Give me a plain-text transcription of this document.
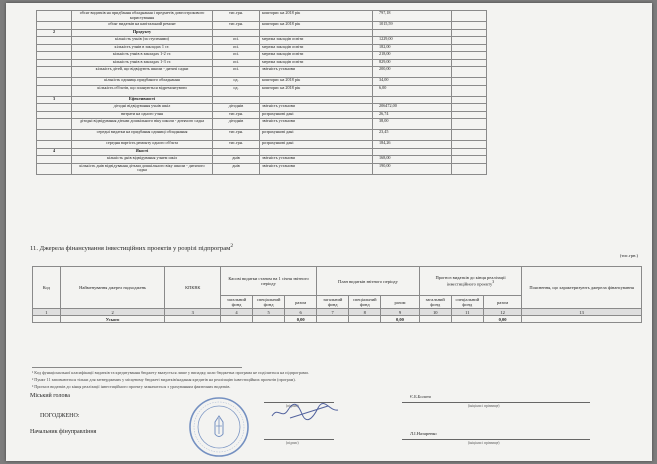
	обсяг видатків на придбання обладнання і предметів довгострокового користування	тис.грн.	кошторис на 2018 рік	797,18	
	обсяг видатків на капітальний ремонт	тис.грн.	кошторис на 2018 рік	1015,59	
2	Продукту				
	кількість учнів (за ступенями)	осі.	мережа закладів освіти	1229,00	
	кількість учнів в закладах 1 ст.	осі.	мережа закладів освіти	182,00	
	кількість учнів в закладах 1-2 ст.	осі.	мережа закладів освіти	218,00	
	кількість учнів в закладах 1-3 ст.	осі.	мережа закладів освіти	829,00	
	кількість дітей, що відвідують школи - дитячі садки	осі.	звітність установи	200,00	
	кількість одиниць придбаного обладнання	од.	кошторис на 2018 рік	34,00	
	кількість об'єктів, що плануються відремонтувати	од.	кошторис на 2018 рік	6,00	
3	Ефективності				
	дітодні відвідування учнів шкіл	дітоднів	звітність установи	206472,00	
	витрати на одного учня	тис.грн.	розрахункові дані	26,74	
	дітодні відвідування дітьми дошкільного віку школи - дитячого садка	дітоднів	звітність установи	38,00	
	середні видатки на придбання одиниці обладнання	тис.грн.	розрахункові дані	23,45	
	середня вартість ремонту одного об'єкта	тис.грн.	розрахункові дані	184,26	
4	Якості				
	кількість днів відвідування учнем шкіл	днів	звітність установи	168,00	
	кількість днів відвідування дітьми дошкільного віку школи - дитячого садка	днів	звітність установи	190,00	
11. Джерела фінансування інвестиційних проектів у розрізі підпрограм$^2$
(тис.грн.)
Код	Найменування джерел надходжень	КПКВК	Касові видатки станом на 1 січня звітного періоду			План видатків звітного періоду			Прогноз видатків до кінця реалізації інвестиційного проекту$^3$			Пояснення, що характеризують джерела фінансування
			загальний фонд	спеціальний фонд	разом	загальний фонд	спеціальний фонд	разом	загальний фонд	спеціальний фонд	разом	
1	2	3	4	5	6	7	8	9	10	11	12	13
	Усього				0,00			0,00			0,00	
¹ Код функціональної класифікації видатків та кредитування бюджету вказується лише у випадку, коли бюджетна програма не поділяється на підпрограми.
² Пункт 11 заповнюється тільки для затверджених у місцевому бюджеті видатків/надання кредитів на реалізацію інвестиційних проектів (програм).
³ Прогноз видатків до кінця реалізації інвестиційного проекту зазначається з урахуванням фактичних видатків.
Міський голова
(підпис)
Є.Б.Болото
(ініціали і прізвище)
ПОГОДЖЕНО:
Начальник фінуправління
(підпис)
Л.І.Назаренко
(ініціали і прізвище)
